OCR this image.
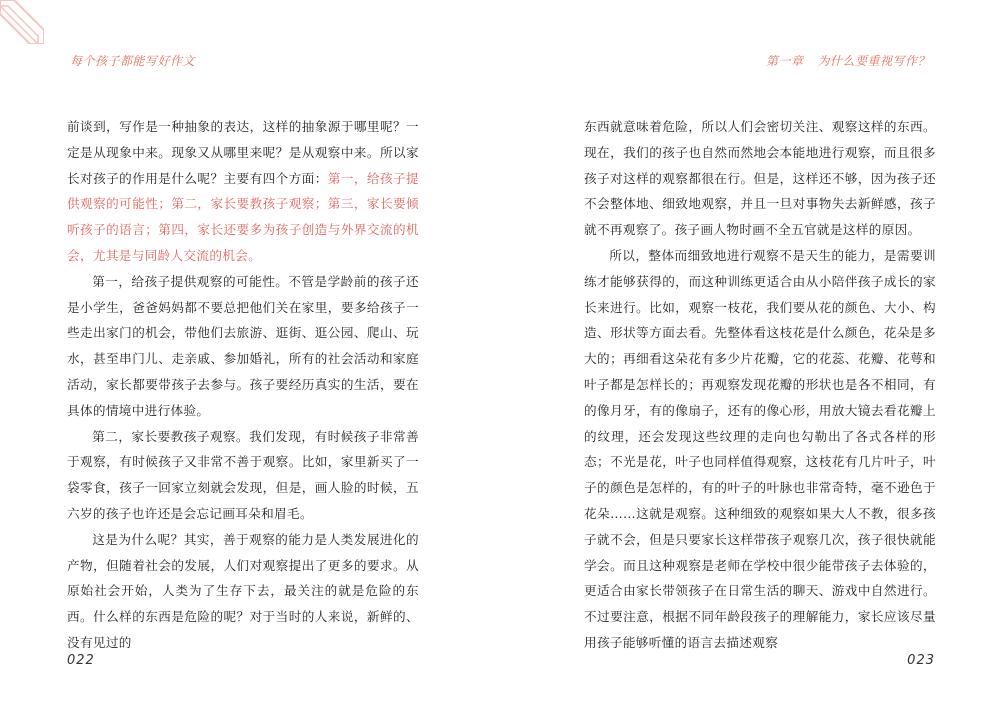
每个孩子都能写好作文	第一章 为什么要重视写作？

前谈到，写作是一种抽象的表达，这样的抽象源于哪里呢？一定是从现象中来。现象又从哪里来呢？是从观察中来。所以家长对孩子的作用是什么呢？主要有四个方面：第一，给孩子提供观察的可能性；第二，家长要教孩子观察；第三，家长要倾听孩子的语言；第四，家长还要多为孩子创造与外界交流的机会，尤其是与同龄人交流的机会。

第一，给孩子提供观察的可能性。不管是学龄前的孩子还是小学生，爸爸妈妈都不要总把他们关在家里，要多给孩子一些走出家门的机会，带他们去旅游、逛街、逛公园、爬山、玩水，甚至串门儿、走亲戚、参加婚礼，所有的社会活动和家庭活动，家长都要带孩子去参与。孩子要经历真实的生活，要在具体的情境中进行体验。

第二，家长要教孩子观察。我们发现，有时候孩子非常善于观察，有时候孩子又非常不善于观察。比如，家里新买了一袋零食，孩子一回家立刻就会发现，但是，画人脸的时候，五六岁的孩子也许还是会忘记画耳朵和眉毛。

这是为什么呢？其实，善于观察的能力是人类发展进化的产物，但随着社会的发展，人们对观察提出了更多的要求。从原始社会开始，人类为了生存下去，最关注的就是危险的东西。什么样的东西是危险的呢？对于当时的人来说，新鲜的、没有见过的

东西就意味着危险，所以人们会密切关注、观察这样的东西。现在，我们的孩子也自然而然地会本能地进行观察，而且很多孩子对这样的观察都很在行。但是，这样还不够，因为孩子还不会整体地、细致地观察，并且一旦对事物失去新鲜感，孩子就不再观察了。孩子画人物时画不全五官就是这样的原因。

所以，整体而细致地进行观察不是天生的能力，是需要训练才能够获得的，而这种训练更适合由从小陪伴孩子成长的家长来进行。比如，观察一枝花，我们要从花的颜色、大小、构造、形状等方面去看。先整体看这枝花是什么颜色，花朵是多大的；再细看这朵花有多少片花瓣，它的花蕊、花瓣、花萼和叶子都是怎样长的；再观察发现花瓣的形状也是各不相同，有的像月牙，有的像扇子，还有的像心形，用放大镜去看花瓣上的纹理，还会发现这些纹理的走向也勾勒出了各式各样的形态；不光是花，叶子也同样值得观察，这枝花有几片叶子，叶子的颜色是怎样的，有的叶子的叶脉也非常奇特，毫不逊色于花朵……这就是观察。这种细致的观察如果大人不教，很多孩子就不会，但是只要家长这样带孩子观察几次，孩子很快就能学会。而且这种观察是老师在学校中很少能带孩子去体验的，更适合由家长带领孩子在日常生活的聊天、游戏中自然进行。不过要注意，根据不同年龄段孩子的理解能力，家长应该尽量用孩子能够听懂的语言去描述观察

022	023
